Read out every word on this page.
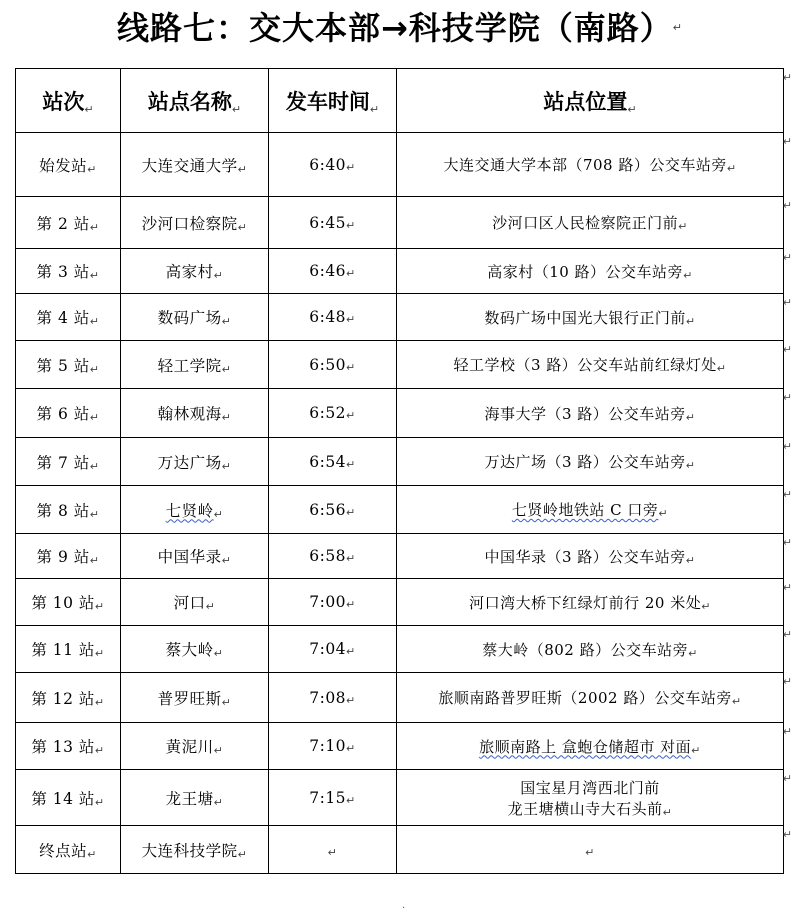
线路七：交大本部→科技学院（南路）↵
站次↵	站点名称↵	发车时间↵	站点位置↵
始发站↵	大连交通大学↵	6:40↵	大连交通大学本部（708 路）公交车站旁↵
第 2 站↵	沙河口检察院↵	6:45↵	沙河口区人民检察院正门前↵
第 3 站↵	高家村↵	6:46↵	高家村（10 路）公交车站旁↵
第 4 站↵	数码广场↵	6:48↵	数码广场中国光大银行正门前↵
第 5 站↵	轻工学院↵	6:50↵	轻工学校（3 路）公交车站前红绿灯处↵
第 6 站↵	翰林观海↵	6:52↵	海事大学（3 路）公交车站旁↵
第 7 站↵	万达广场↵	6:54↵	万达广场（3 路）公交车站旁↵
第 8 站↵	七贤岭↵	6:56↵	七贤岭地铁站 C 口旁↵
第 9 站↵	中国华录↵	6:58↵	中国华录（3 路）公交车站旁↵
第 10 站↵	河口↵	7:00↵	河口湾大桥下红绿灯前行 20 米处↵
第 11 站↵	蔡大岭↵	7:04↵	蔡大岭（802 路）公交车站旁↵
第 12 站↵	普罗旺斯↵	7:08↵	旅顺南路普罗旺斯（2002 路）公交车站旁↵
第 13 站↵	黄泥川↵	7:10↵	旅顺南路上 盒蚫仓储超市 对面↵
第 14 站↵	龙王塘↵	7:15↵	国宝星月湾西北门前
龙王塘横山寺大石头前↵
终点站↵	大连科技学院↵	↵	↵
.
↵
↵
↵
↵
↵
↵
↵
↵
↵
↵
↵
↵
↵
↵
↵
↵
